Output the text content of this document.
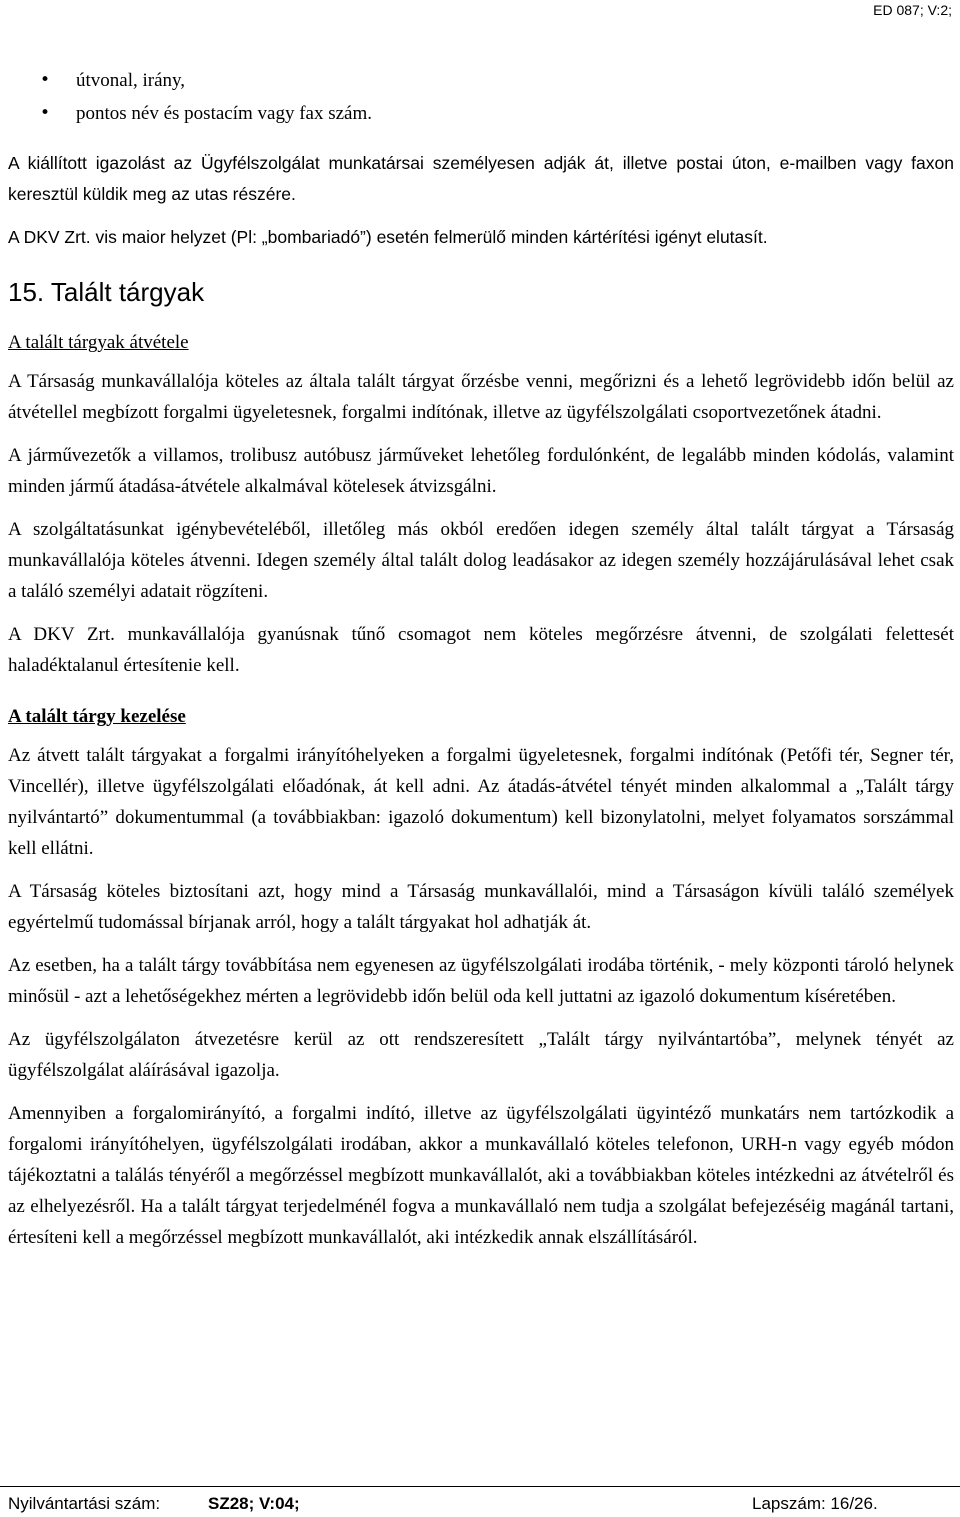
ED 087; V:2;
• útvonal, irány,
• pontos név és postacím vagy fax szám.

A kiállított igazolást az Ügyfélszolgálat munkatársai személyesen adják át, illetve postai úton, e-mailben vagy faxon keresztül küldik meg az utas részére.

A DKV Zrt. vis maior helyzet (Pl: „bombariadó”) esetén felmerülő minden kártérítési igényt elutasít.

15. Talált tárgyak
A talált tárgyak átvétele

A Társaság munkavállalója köteles az általa talált tárgyat őrzésbe venni, megőrizni és a lehető legrövidebb időn belül az átvétellel megbízott forgalmi ügyeletesnek, forgalmi indítónak, illetve az ügyfélszolgálati csoportvezetőnek átadni.

A járművezetők a villamos, trolibusz autóbusz járműveket lehetőleg fordulónként, de legalább minden kódolás, valamint minden jármű átadása-átvétele alkalmával kötelesek átvizsgálni.

A szolgáltatásunkat igénybevételéből, illetőleg más okból eredően idegen személy által talált tárgyat a Társaság munkavállalója köteles átvenni. Idegen személy által talált dolog leadásakor az idegen személy hozzájárulásával lehet csak a találó személyi adatait rögzíteni.

A DKV Zrt. munkavállalója gyanúsnak tűnő csomagot nem köteles megőrzésre átvenni, de szolgálati felettesét haladéktalanul értesítenie kell.

A talált tárgy kezelése

Az átvett talált tárgyakat a forgalmi irányítóhelyeken a forgalmi ügyeletesnek, forgalmi indítónak (Petőfi tér, Segner tér, Vincellér), illetve ügyfélszolgálati előadónak, át kell adni. Az átadás-átvétel tényét minden alkalommal a „Talált tárgy nyilvántartó” dokumentummal (a továbbiakban: igazoló dokumentum) kell bizonylatolni, melyet folyamatos sorszámmal kell ellátni.

A Társaság köteles biztosítani azt, hogy mind a Társaság munkavállalói, mind a Társaságon kívüli találó személyek egyértelmű tudomással bírjanak arról, hogy a talált tárgyakat hol adhatják át.

Az esetben, ha a talált tárgy továbbítása nem egyenesen az ügyfélszolgálati irodába történik, - mely központi tároló helynek minősül - azt a lehetőségekhez mérten a legrövidebb időn belül oda kell juttatni az igazoló dokumentum kíséretében.

Az ügyfélszolgálaton átvezetésre kerül az ott rendszeresített „Talált tárgy nyilvántartóba”, melynek tényét az ügyfélszolgálat aláírásával igazolja.

Amennyiben a forgalomirányító, a forgalmi indító, illetve az ügyfélszolgálati ügyintéző munkatárs nem tartózkodik a forgalomi irányítóhelyen, ügyfélszolgálati irodában, akkor a munkavállaló köteles telefonon, URH-n vagy egyéb módon tájékoztatni a találás tényéről a megőrzéssel megbízott munkavállalót, aki a továbbiakban köteles intézkedni az átvételről és az elhelyezésről. Ha a talált tárgyat terjedelménél fogva a munkavállaló nem tudja a szolgálat befejezéséig magánál tartani, értesíteni kell a megőrzéssel megbízott munkavállalót, aki intézkedik annak elszállításáról.

Nyilvántartási szám:	SZ28; V:04;	Lapszám: 16/26.
